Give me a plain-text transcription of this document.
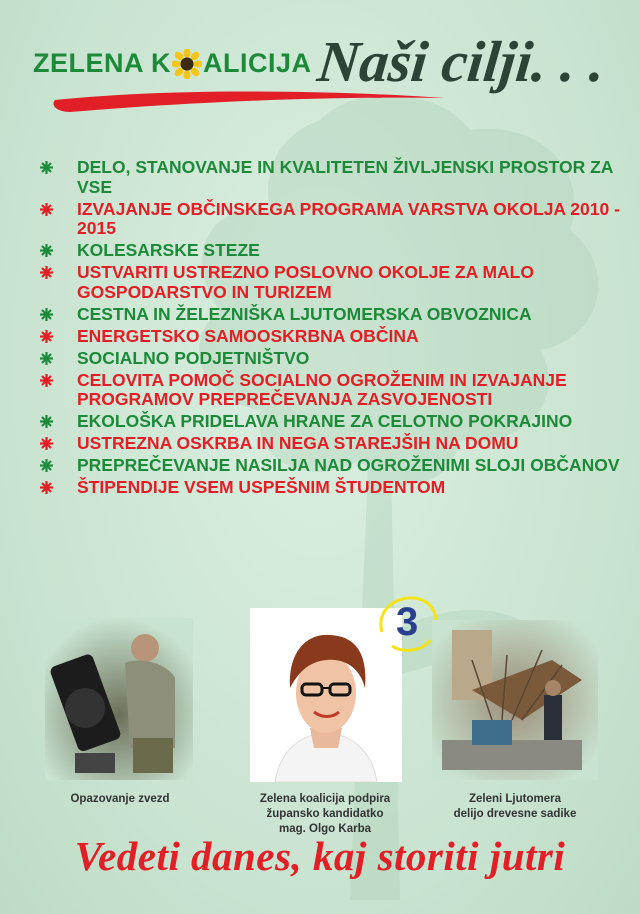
ZELENA K ALICIJA Naši cilji. . .
DELO, STANOVANJE IN KVALITETEN ŽIVLJENSKI PROSTOR ZA VSE
IZVAJANJE OBČINSKEGA PROGRAMA VARSTVA OKOLJA 2010 - 2015
KOLESARSKE STEZE
USTVARITI USTREZNO POSLOVNO OKOLJE ZA MALO GOSPODARSTVO IN TURIZEM
CESTNA IN ŽELEZNIŠKA LJUTOMERSKA OBVOZNICA
ENERGETSKO SAMOOSKRBNA OBČINA
SOCIALNO PODJETNIŠTVO
CELOVITA POMOČ SOCIALNO OGROŽENIM IN IZVAJANJE PROGRAMOV PREPREČEVANJA ZASVOJENOSTI
EKOLOŠKA PRIDELAVA HRANE ZA CELOTNO POKRAJINO
USTREZNA OSKRBA IN NEGA STAREJŠIH NA DOMU
PREPREČEVANJE NASILJA NAD OGROŽENIMI SLOJI OBČANOV
ŠTIPENDIJE VSEM USPEŠNIM ŠTUDENTOM
3
Opazovanje zvezd	Zelena koalicija podpira
županskо kandidatko
mag. Olgo Karba
Zeleni Ljutomera
delijo drevesne sadike
Vedeti danes, kaj storiti jutri
